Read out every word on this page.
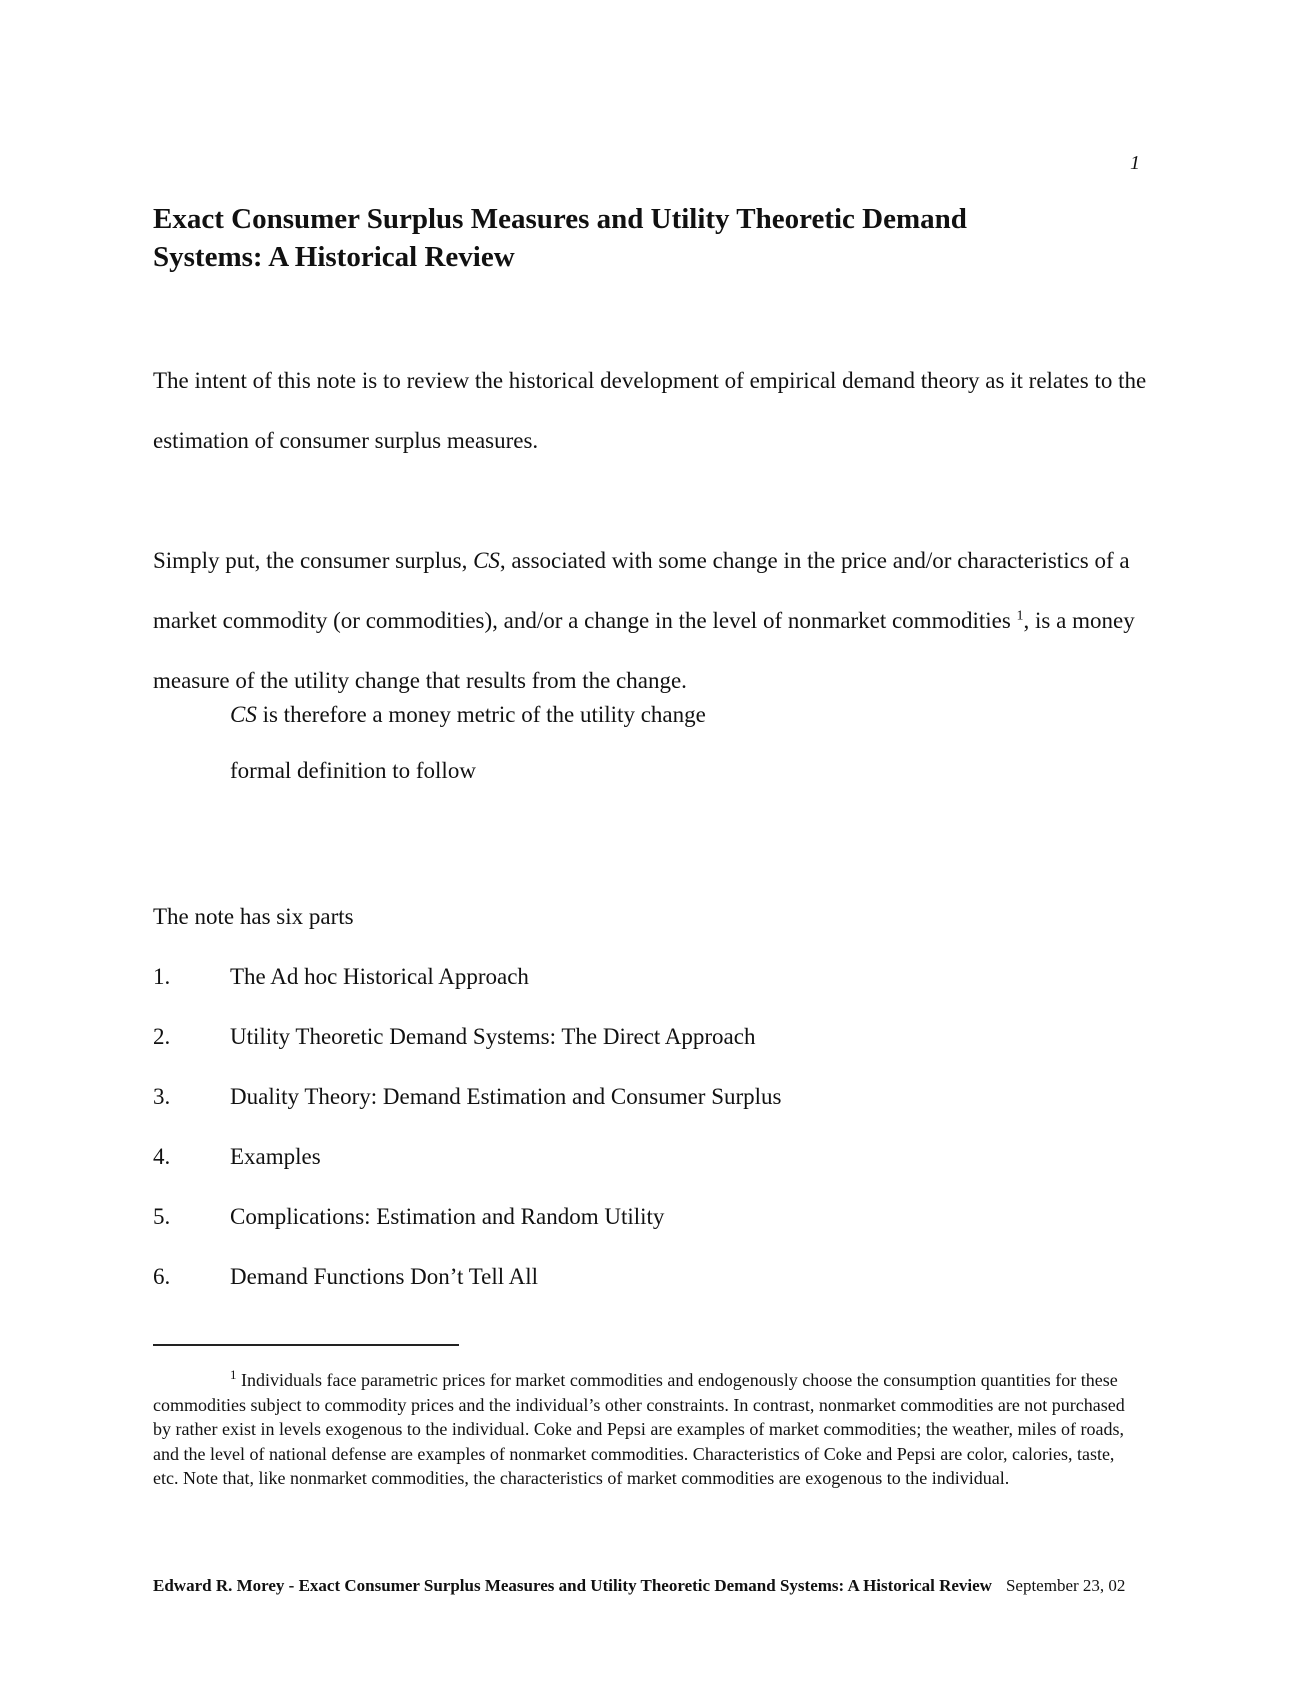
1
Exact Consumer Surplus Measures and Utility Theoretic Demand
Systems: A Historical Review

The intent of this note is to review the historical development of empirical demand theory as it relates to the estimation of consumer surplus measures.

Simply put, the consumer surplus, CS, associated with some change in the price and/or characteristics of a market commodity (or commodities), and/or a change in the level of nonmarket commodities $^1$, is a money measure of the utility change that results from the change.

CS is therefore a money metric of the utility change
formal definition to follow
The note has six parts
1.	The Ad hoc Historical Approach
2.	Utility Theoretic Demand Systems: The Direct Approach
3.	Duality Theory: Demand Estimation and Consumer Surplus
4.	Examples
5.	Complications: Estimation and Random Utility
6.	Demand Functions Don’t Tell All

$^1$ Individuals face parametric prices for market commodities and endogenously choose the consumption quantities for these commodities subject to commodity prices and the individual’s other constraints. In contrast, nonmarket commodities are not purchased by rather exist in levels exogenous to the individual. Coke and Pepsi are examples of market commodities; the weather, miles of roads, and the level of national defense are examples of nonmarket commodities. Characteristics of Coke and Pepsi are color, calories, taste, etc. Note that, like nonmarket commodities, the characteristics of market commodities are exogenous to the individual.

Edward R. Morey - Exact Consumer Surplus Measures and Utility Theoretic Demand Systems: A Historical Review September 23, 02
